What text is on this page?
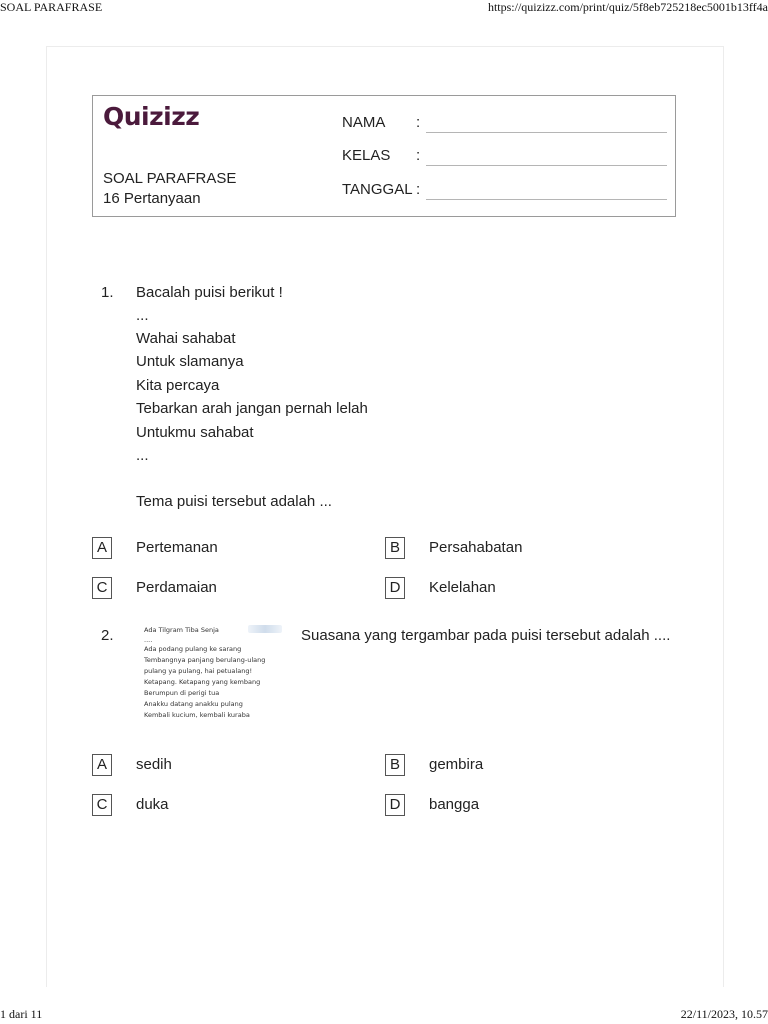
SOAL PARAFRASE	https://quizizz.com/print/quiz/5f8eb725218ec5001b13ff4a
1 dari 11	22/11/2023, 10.57
Quizizz
SOAL PARAFRASE
16 Pertanyaan
NAMA :
KELAS :
TANGGAL :
1. Bacalah puisi berikut !
...
Wahai sahabat
Untuk slamanya
Kita percaya
Tebarkan arah jangan pernah lelah
Untukmu sahabat
...
Tema puisi tersebut adalah ...
A	Pertemanan	B	Persahabatan
C	Perdamaian	D	Kelelahan
2.	Ada Tilgram Tiba Senja
....
Ada podang pulang ke sarang
Tembangnya panjang berulang-ulang
pulang ya pulang, hai petualang!
Ketapang. Ketapang yang kembang
Berumpun di perigi tua
Anakku datang anakku pulang
Kembali kucium, kembali kuraba
Suasana yang tergambar pada puisi tersebut adalah ....
A	sedih	B	gembira
C	duka	D	bangga
